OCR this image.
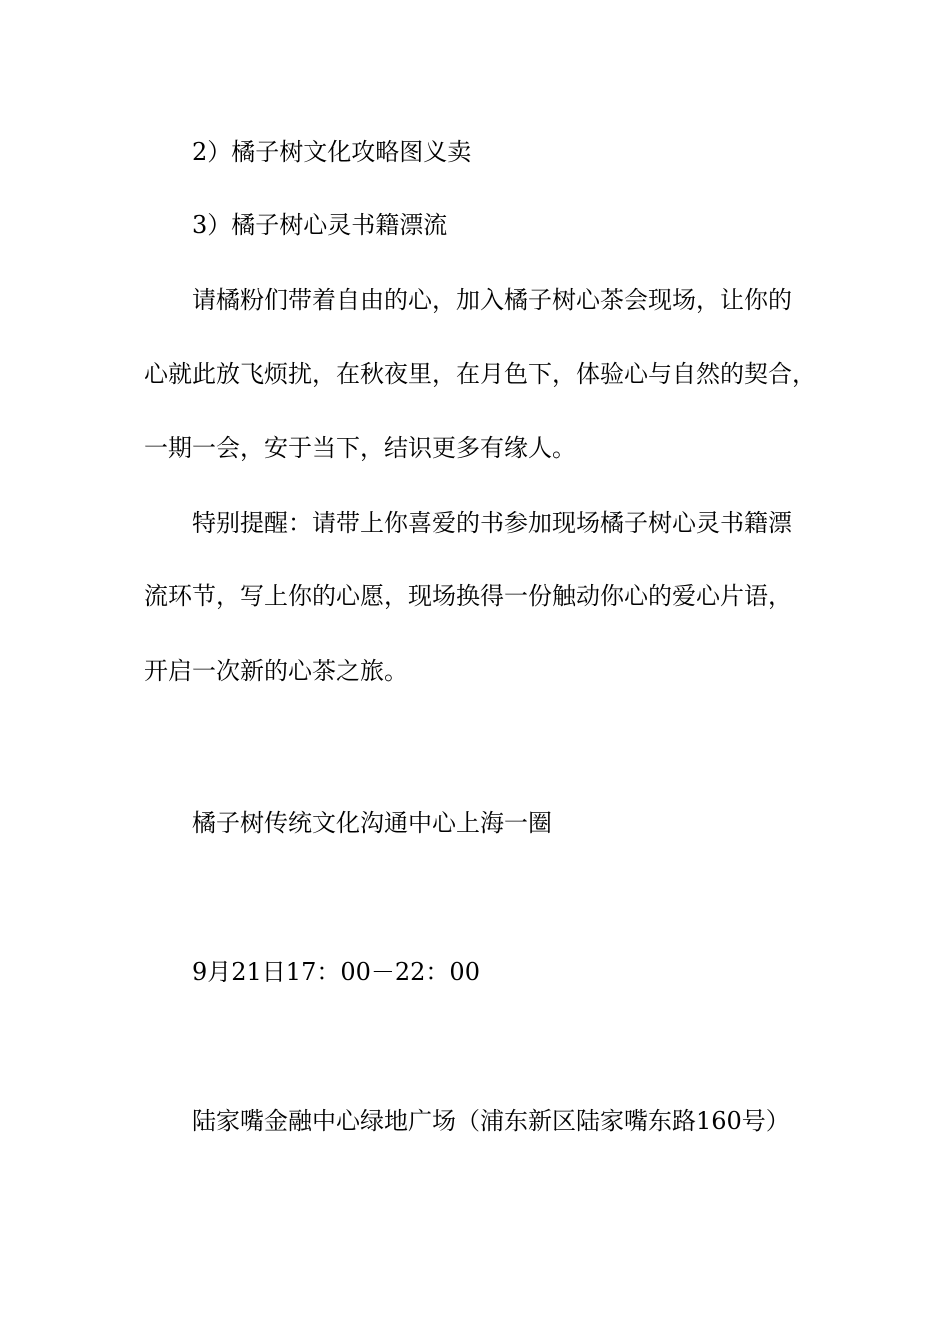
2）橘子树文化攻略图义卖

3）橘子树心灵书籍漂流

请橘粉们带着自由的心，加入橘子树心茶会现场，让你的

心就此放飞烦扰，在秋夜里，在月色下，体验心与自然的契合，

一期一会，安于当下，结识更多有缘人。

特别提醒：请带上你喜爱的书参加现场橘子树心灵书籍漂

流环节，写上你的心愿，现场换得一份触动你心的爱心片语，

开启一次新的心茶之旅。

橘子树传统文化沟通中心上海一圈

9月21日17：00－22：00

陆家嘴金融中心绿地广场（浦东新区陆家嘴东路160号）
